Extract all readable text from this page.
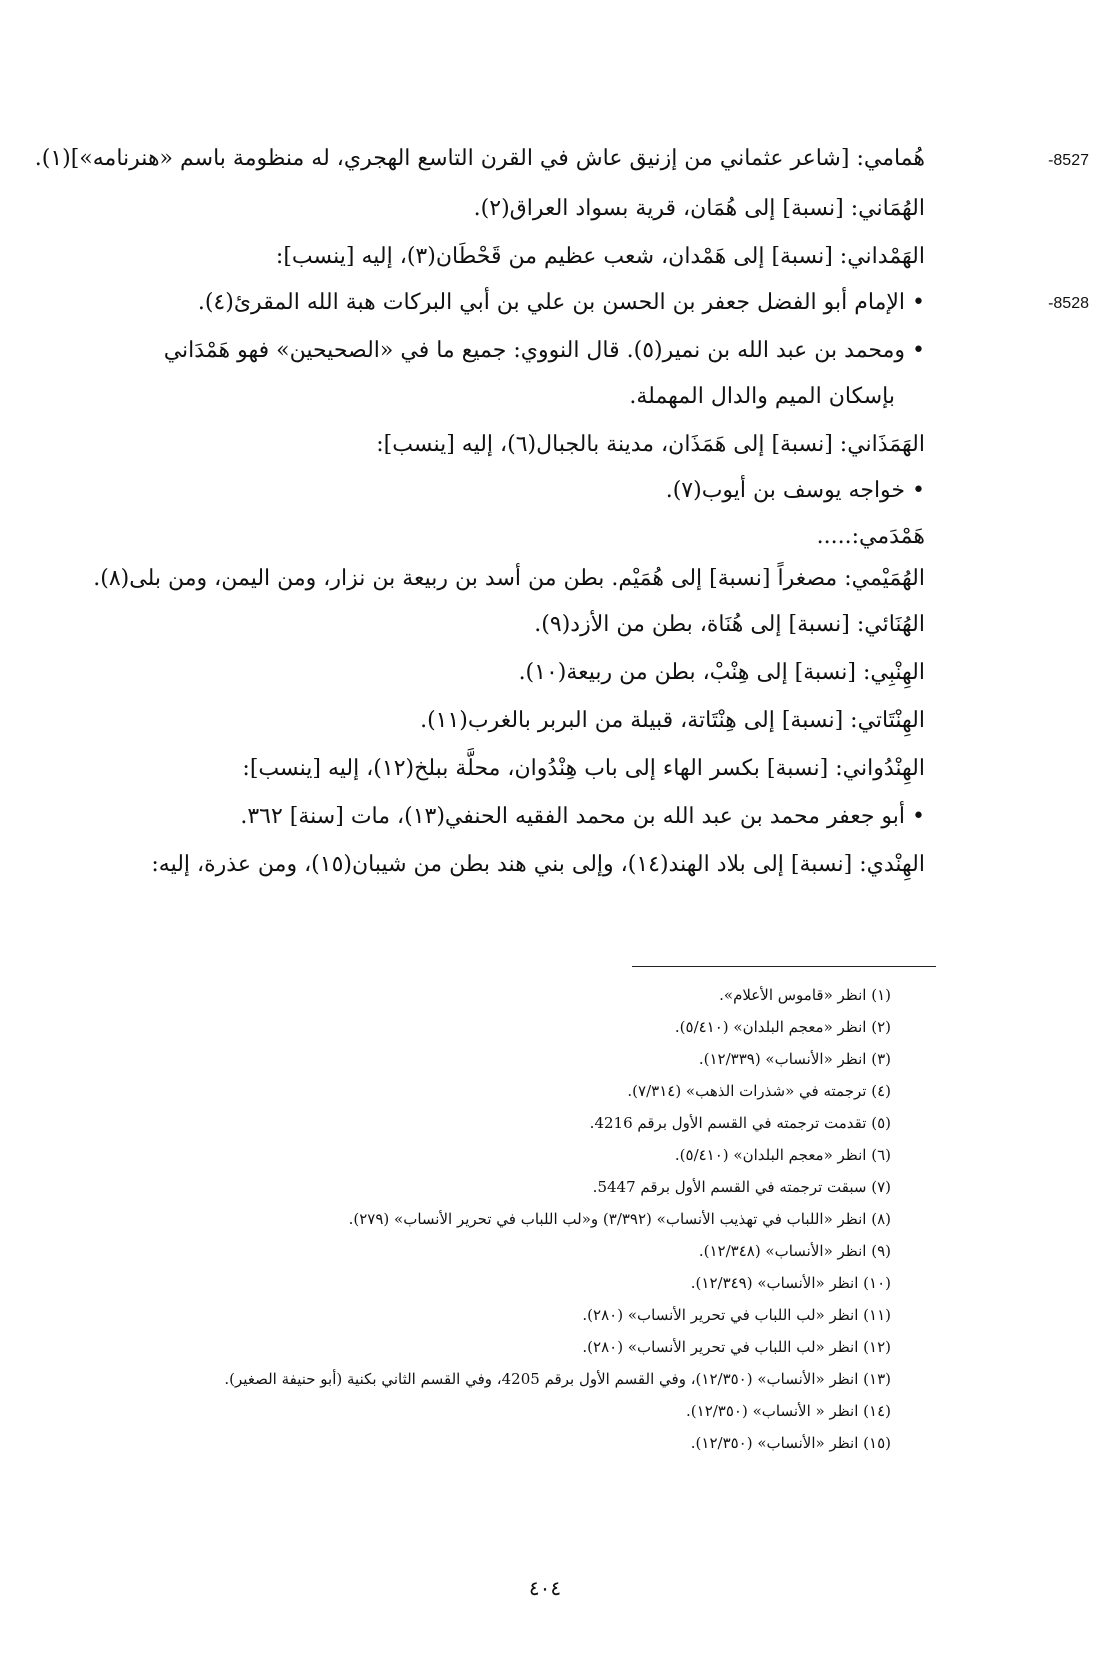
-8527
-8528
هُمامي: [شاعر عثماني من إزنيق عاش في القرن التاسع الهجري، له منظومة باسم «هنرنامه»](١).
الهُمَاني: [نسبة] إلى هُمَان، قرية بسواد العراق(٢).
الهَمْداني: [نسبة] إلى هَمْدان، شعب عظيم من قَحْطَان(٣)، إليه [ينسب]:
• الإمام أبو الفضل جعفر بن الحسن بن علي بن أبي البركات هبة الله المقرئ(٤).
• ومحمد بن عبد الله بن نمير(٥). قال النووي: جميع ما في «الصحيحين» فهو هَمْدَاني
بإسكان الميم والدال المهملة.
الهَمَذَاني: [نسبة] إلى هَمَذَان، مدينة بالجبال(٦)، إليه [ينسب]:
• خواجه يوسف بن أيوب(٧).
هَمْدَمي:.....
الهُمَيْمي: مصغراً [نسبة] إلى هُمَيْم. بطن من أسد بن ربيعة بن نزار، ومن اليمن، ومن بلى(٨).
الهُنَائي: [نسبة] إلى هُنَاة، بطن من الأزد(٩).
الهِنْبِي: [نسبة] إلى هِنْبْ، بطن من ربيعة(١٠).
الهِنْتَاتي: [نسبة] إلى هِنْتَاتة، قبيلة من البربر بالغرب(١١).
الهِنْدُواني: [نسبة] بكسر الهاء إلى باب هِنْدُوان، محلَّة ببلخ(١٢)، إليه [ينسب]:
• أبو جعفر محمد بن عبد الله بن محمد الفقيه الحنفي(١٣)، مات [سنة] ٣٦٢.
الهِنْدي: [نسبة] إلى بلاد الهند(١٤)، وإلى بني هند بطن من شيبان(١٥)، ومن عذرة، إليه:
(١) انظر «قاموس الأعلام».
(٢) انظر «معجم البلدان» (٥/٤١٠).
(٣) انظر «الأنساب» (١٢/٣٣٩).
(٤) ترجمته في «شذرات الذهب» (٧/٣١٤).
(٥) تقدمت ترجمته في القسم الأول برقم 4216.
(٦) انظر «معجم البلدان» (٥/٤١٠).
(٧) سبقت ترجمته في القسم الأول برقم 5447.
(٨) انظر «اللباب في تهذيب الأنساب» (٣/٣٩٢) و«لب اللباب في تحرير الأنساب» (٢٧٩).
(٩) انظر «الأنساب» (١٢/٣٤٨).
(١٠) انظر «الأنساب» (١٢/٣٤٩).
(١١) انظر «لب اللباب في تحرير الأنساب» (٢٨٠).
(١٢) انظر «لب اللباب في تحرير الأنساب» (٢٨٠).
(١٣) انظر «الأنساب» (١٢/٣٥٠)، وفي القسم الأول برقم 4205، وفي القسم الثاني بكنية (أبو حنيفة الصغير).
(١٤) انظر « الأنساب» (١٢/٣٥٠).
(١٥) انظر «الأنساب» (١٢/٣٥٠).
٤٠٤
